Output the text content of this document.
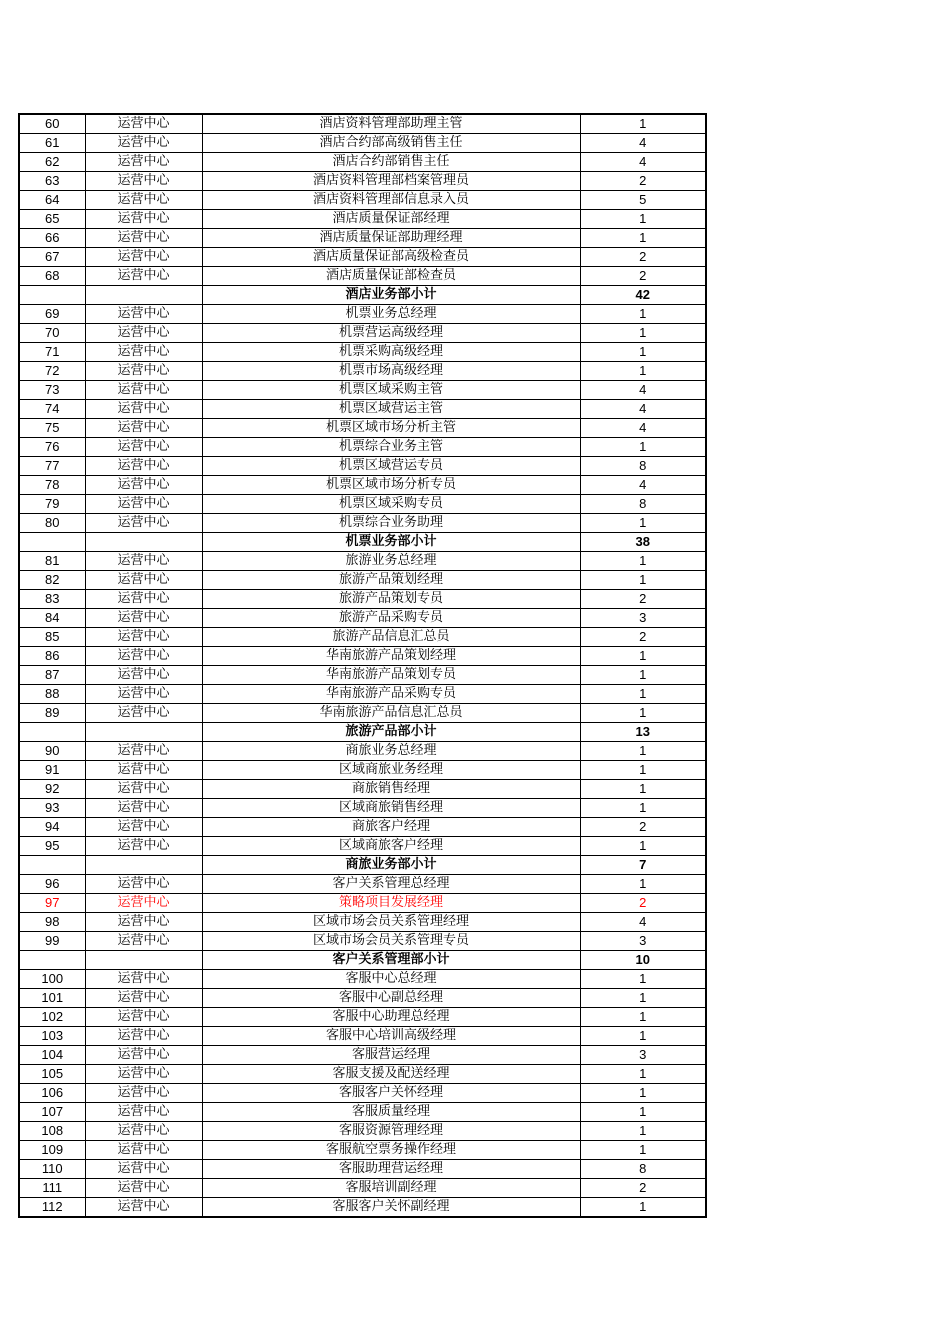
60	运营中心	酒店资料管理部助理主管	1
61	运营中心	酒店合约部高级销售主任	4
62	运营中心	酒店合约部销售主任	4
63	运营中心	酒店资料管理部档案管理员	2
64	运营中心	酒店资料管理部信息录入员	5
65	运营中心	酒店质量保证部经理	1
66	运营中心	酒店质量保证部助理经理	1
67	运营中心	酒店质量保证部高级检查员	2
68	运营中心	酒店质量保证部检查员	2
		酒店业务部小计	42
69	运营中心	机票业务总经理	1
70	运营中心	机票营运高级经理	1
71	运营中心	机票采购高级经理	1
72	运营中心	机票市场高级经理	1
73	运营中心	机票区域采购主管	4
74	运营中心	机票区域营运主管	4
75	运营中心	机票区域市场分析主管	4
76	运营中心	机票综合业务主管	1
77	运营中心	机票区域营运专员	8
78	运营中心	机票区域市场分析专员	4
79	运营中心	机票区域采购专员	8
80	运营中心	机票综合业务助理	1
		机票业务部小计	38
81	运营中心	旅游业务总经理	1
82	运营中心	旅游产品策划经理	1
83	运营中心	旅游产品策划专员	2
84	运营中心	旅游产品采购专员	3
85	运营中心	旅游产品信息汇总员	2
86	运营中心	华南旅游产品策划经理	1
87	运营中心	华南旅游产品策划专员	1
88	运营中心	华南旅游产品采购专员	1
89	运营中心	华南旅游产品信息汇总员	1
		旅游产品部小计	13
90	运营中心	商旅业务总经理	1
91	运营中心	区域商旅业务经理	1
92	运营中心	商旅销售经理	1
93	运营中心	区域商旅销售经理	1
94	运营中心	商旅客户经理	2
95	运营中心	区域商旅客户经理	1
		商旅业务部小计	7
96	运营中心	客户关系管理总经理	1
97	运营中心	策略项目发展经理	2
98	运营中心	区域市场会员关系管理经理	4
99	运营中心	区域市场会员关系管理专员	3
		客户关系管理部小计	10
100	运营中心	客服中心总经理	1
101	运营中心	客服中心副总经理	1
102	运营中心	客服中心助理总经理	1
103	运营中心	客服中心培训高级经理	1
104	运营中心	客服营运经理	3
105	运营中心	客服支援及配送经理	1
106	运营中心	客服客户关怀经理	1
107	运营中心	客服质量经理	1
108	运营中心	客服资源管理经理	1
109	运营中心	客服航空票务操作经理	1
110	运营中心	客服助理营运经理	8
111	运营中心	客服培训副经理	2
112	运营中心	客服客户关怀副经理	1
